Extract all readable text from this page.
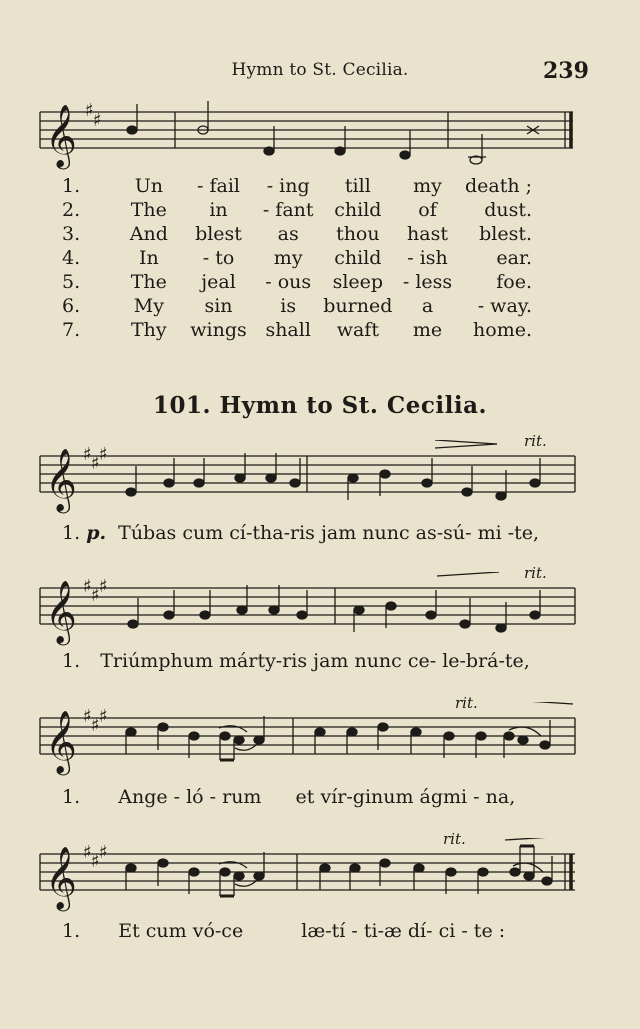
Hymn to St. Cecilia.	239
𝄞 ♯ ♯
1.	Un	- fail	- ing	till	my	death ;
2.	The	in	- fant	child	of	dust.
3.	And	blest	as	thou	hast	blest.
4.	In	- to	my	child	- ish	ear.
5.	The	jeal	- ous	sleep	- less	foe.
6.	My	sin	is	burned	a	- way.
7.	Thy	wings shall	waft	me	home.
101. Hymn to St. Cecilia.
𝄞 ♯ ♯ ♯
rit.
1. p. Túbas cum cí-tha-ris jam nunc as-sú- mi -te,
𝄞 ♯ ♯ ♯
rit.
1. Triúmphum márty-ris jam nunc ce- le-brá-te,
𝄞 ♯ ♯ ♯
rit.
1. Ange - ló - rum et vír-ginum ágmi - na,
𝄞 ♯ ♯ ♯
rit.
1. Et cum vó-ce	læ-tí - ti-æ dí- ci - te :
